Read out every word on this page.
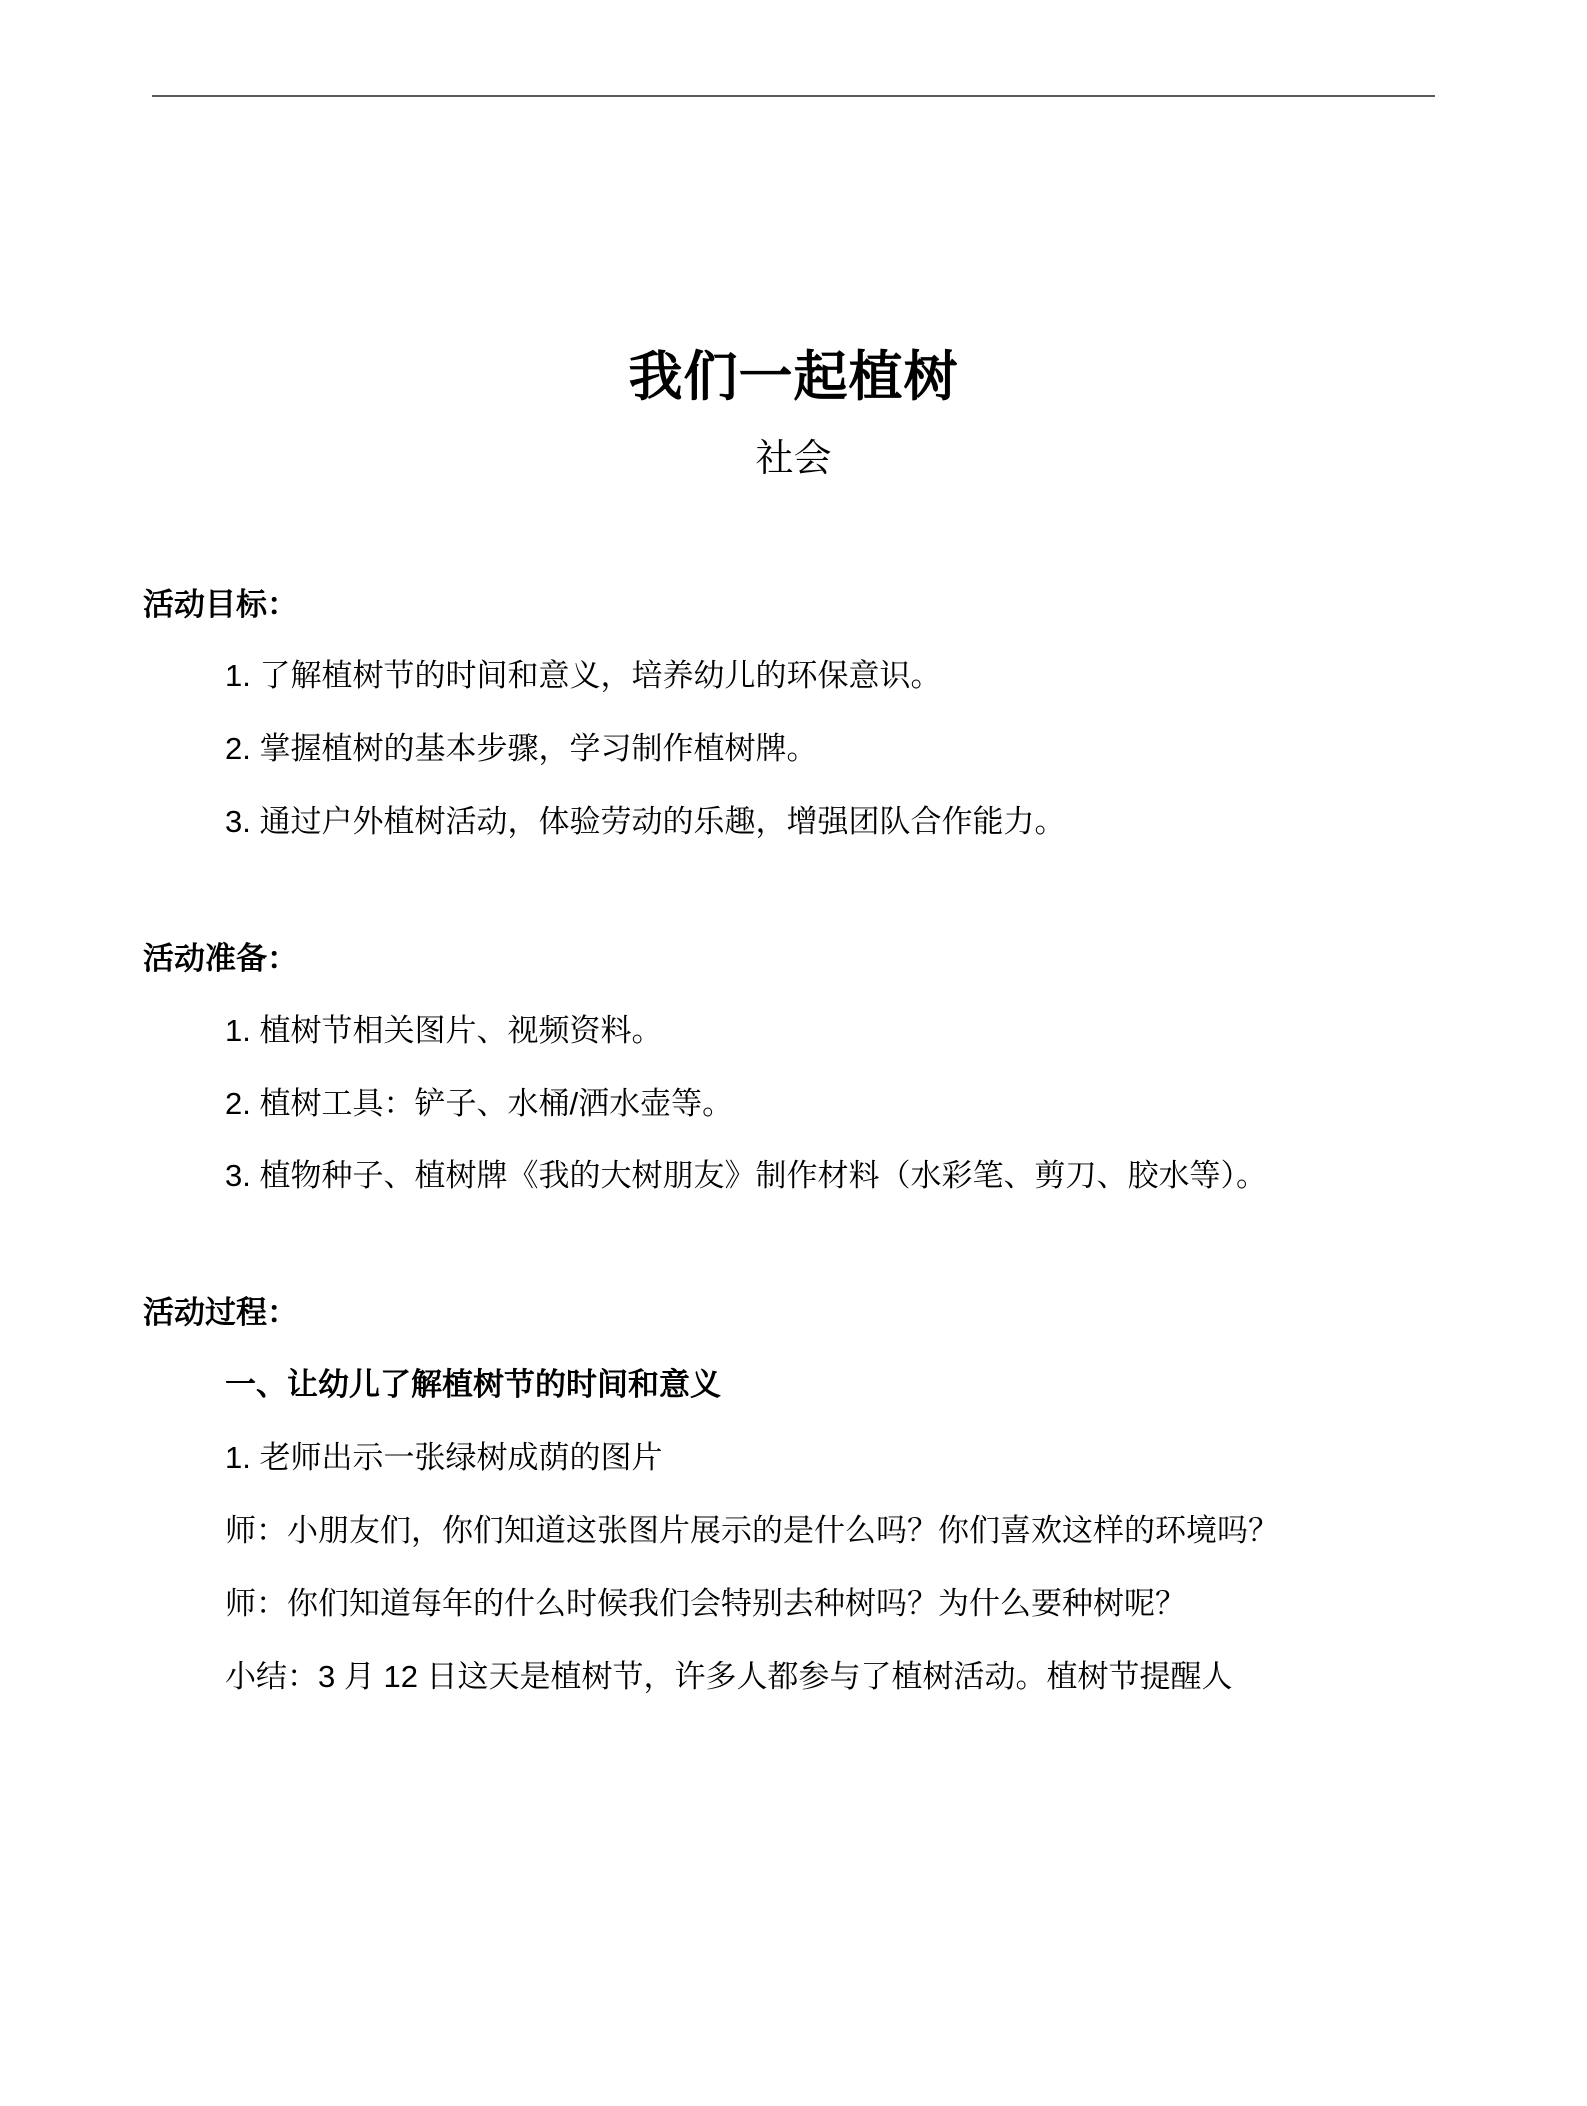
我们一起植树
社会

活动目标：

1. 了解植树节的时间和意义，培养幼儿的环保意识。

2. 掌握植树的基本步骤，学习制作植树牌。

3. 通过户外植树活动，体验劳动的乐趣，增强团队合作能力。

活动准备：

1. 植树节相关图片、视频资料。

2. 植树工具：铲子、水桶/洒水壶等。

3. 植物种子、植树牌《我的大树朋友》制作材料（水彩笔、剪刀、胶水等）。

活动过程：

一、让幼儿了解植树节的时间和意义

1. 老师出示一张绿树成荫的图片

师：小朋友们，你们知道这张图片展示的是什么吗？你们喜欢这样的环境吗？

师：你们知道每年的什么时候我们会特别去种树吗？为什么要种树呢？

小结：3 月 12 日这天是植树节，许多人都参与了植树活动。植树节提醒人
